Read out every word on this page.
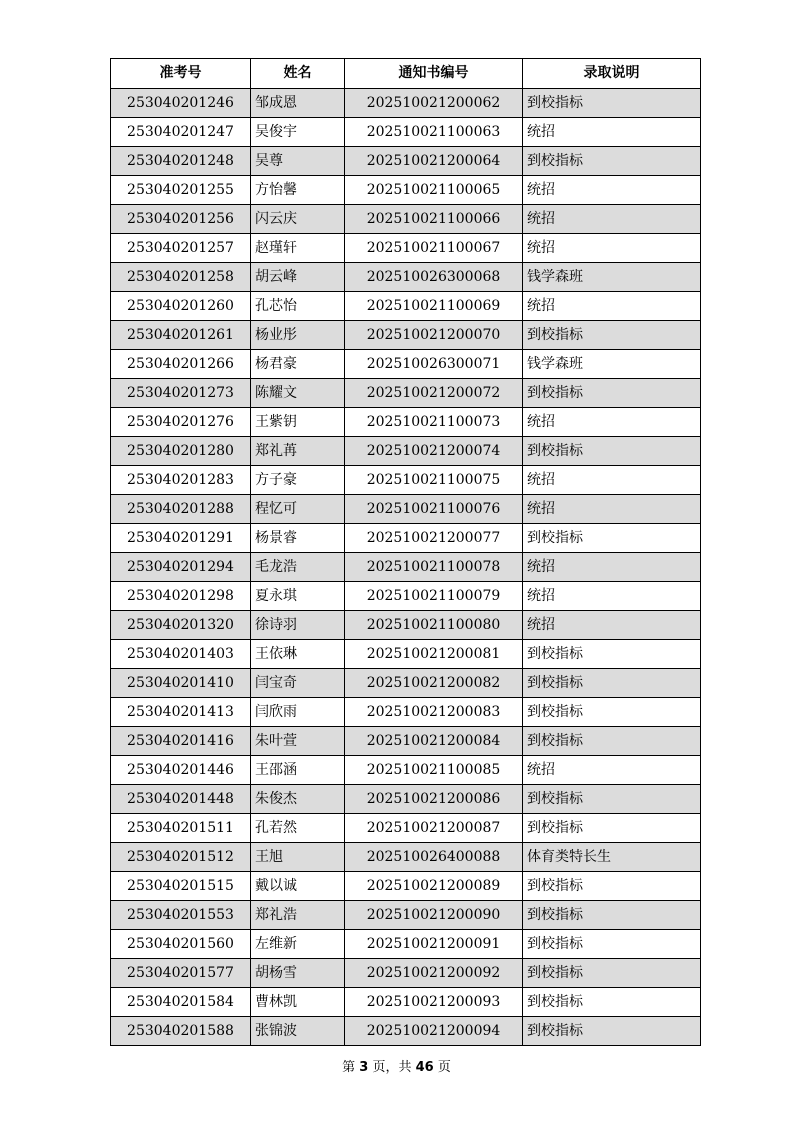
准考号	姓名	通知书编号	录取说明
253040201246	邹成恩	202510021200062	到校指标
253040201247	吴俊宇	202510021100063	统招
253040201248	吴尊	202510021200064	到校指标
253040201255	方怡馨	202510021100065	统招
253040201256	闪云庆	202510021100066	统招
253040201257	赵瑾轩	202510021100067	统招
253040201258	胡云峰	202510026300068	钱学森班
253040201260	孔芯怡	202510021100069	统招
253040201261	杨业彤	202510021200070	到校指标
253040201266	杨君豪	202510026300071	钱学森班
253040201273	陈耀文	202510021200072	到校指标
253040201276	王紫钥	202510021100073	统招
253040201280	郑礼苒	202510021200074	到校指标
253040201283	方子豪	202510021100075	统招
253040201288	程忆可	202510021100076	统招
253040201291	杨景睿	202510021200077	到校指标
253040201294	毛龙浩	202510021100078	统招
253040201298	夏永琪	202510021100079	统招
253040201320	徐诗羽	202510021100080	统招
253040201403	王依琳	202510021200081	到校指标
253040201410	闫宝奇	202510021200082	到校指标
253040201413	闫欣雨	202510021200083	到校指标
253040201416	朱叶萱	202510021200084	到校指标
253040201446	王邵涵	202510021100085	统招
253040201448	朱俊杰	202510021200086	到校指标
253040201511	孔若然	202510021200087	到校指标
253040201512	王旭	202510026400088	体育类特长生
253040201515	戴以诚	202510021200089	到校指标
253040201553	郑礼浩	202510021200090	到校指标
253040201560	左维新	202510021200091	到校指标
253040201577	胡杨雪	202510021200092	到校指标
253040201584	曹林凯	202510021200093	到校指标
253040201588	张锦波	202510021200094	到校指标
第 3 页，共 46 页
